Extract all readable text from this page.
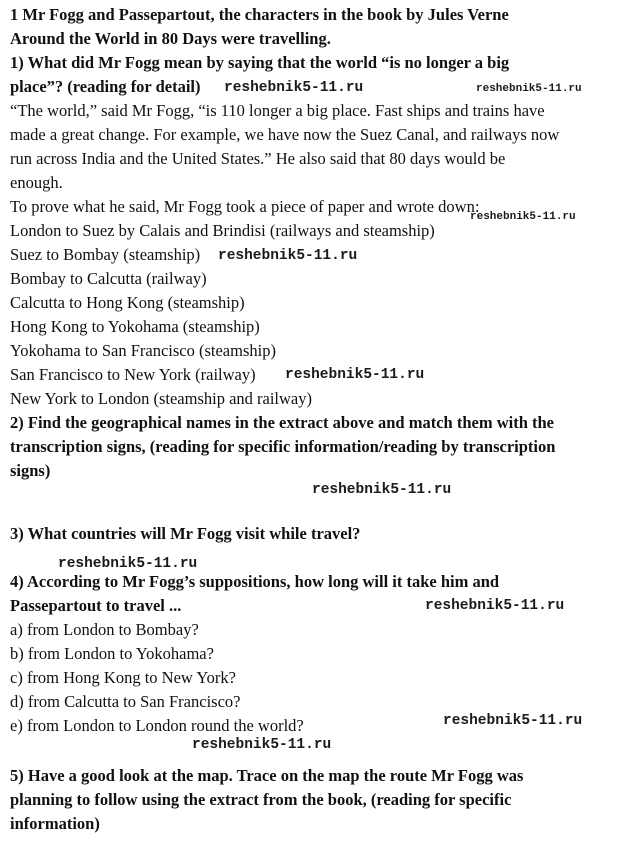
1 Mr Fogg and Passepartout, the characters in the book by Jules Verne
Around the World in 80 Days were travelling.
1) What did Mr Fogg mean by saying that the world “is no longer a big
place”? (reading for detail)
“The world,” said Mr Fogg, “is 110 longer a big place. Fast ships and trains have
made a great change. For example, we have now the Suez Canal, and railways now
run across India and the United States.” He also said that 80 days would be
enough.
To prove what he said, Mr Fogg took a piece of paper and wrote down:
London to Suez by Calais and Brindisi (railways and steamship)
Suez to Bombay (steamship)
Bombay to Calcutta (railway)
Calcutta to Hong Kong (steamship)
Hong Kong to Yokohama (steamship)
Yokohama to San Francisco (steamship)
San Francisco to New York (railway)
New York to London (steamship and railway)
2) Find the geographical names in the extract above and match them with the
transcription signs, (reading for specific information/reading by transcription
signs)
3) What countries will Mr Fogg visit while travel?
4) According to Mr Fogg’s suppositions, how long will it take him and
Passepartout to travel ...
a) from London to Bombay?
b) from London to Yokohama?
c) from Hong Kong to New York?
d) from Calcutta to San Francisco?
e) from London to London round the world?
5) Have a good look at the map. Trace on the map the route Mr Fogg was
planning to follow using the extract from the book, (reading for specific
information)
reshebnik5-11.ru	reshebnik5-11.ru
reshebnik5-11.ru
reshebnik5-11.ru
reshebnik5-11.ru
reshebnik5-11.ru
reshebnik5-11.ru
reshebnik5-11.ru
reshebnik5-11.ru
reshebnik5-11.ru
